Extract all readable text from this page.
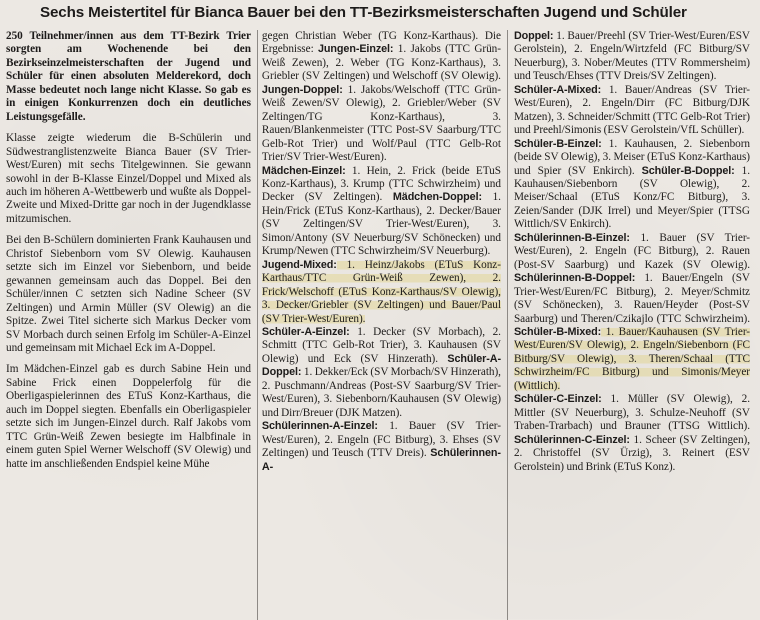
Sechs Meistertitel für Bianca Bauer bei den TT-Bezirksmeisterschaften Jugend und Schüler

250 Teilnehmer/innen aus dem TT-Bezirk Trier sorgten am Wochenende bei den Bezirkseinzelmeisterschaften der Jugend und Schüler für einen absoluten Melderekord, doch Masse bedeutet noch lange nicht Klasse. So gab es in einigen Konkurrenzen doch ein deutliches Leistungsgefälle.

Klasse zeigte wiederum die B-Schülerin und Südwestranglistenzweite Bianca Bauer (SV Trier-West/Euren) mit sechs Titelgewinnen. Sie gewann sowohl in der B-Klasse Einzel/Doppel und Mixed als auch im höheren A-Wettbewerb und wußte als Doppel-Zweite und Mixed-Dritte gar noch in der Jugendklasse mitzumischen.

Bei den B-Schülern dominierten Frank Kauhausen und Christof Siebenborn vom SV Olewig. Kauhausen setzte sich im Einzel vor Siebenborn, und beide gewannen gemeinsam auch das Doppel. Bei den Schüler/innen C setzten sich Nadine Scheer (SV Zeltingen) und Armin Müller (SV Olewig) an die Spitze. Zwei Titel sicherte sich Markus Decker vom SV Morbach durch seinen Erfolg im Schüler-A-Einzel und gemeinsam mit Michael Eck im A-Doppel.

Im Mädchen-Einzel gab es durch Sabine Hein und Sabine Frick einen Doppelerfolg für die Oberligaspielerinnen des ETuS Konz-Karthaus, die auch im Doppel siegten. Ebenfalls ein Oberligaspieler setzte sich im Jungen-Einzel durch. Ralf Jakobs vom TTC Grün-Weiß Zewen besiegte im Halbfinale in einem guten Spiel Werner Welschoff (SV Olewig) und hatte im anschließenden Endspiel keine Mühe

gegen Christian Weber (TG Konz-Karthaus). Die Ergebnisse: Jungen-Einzel: 1. Jakobs (TTC Grün-Weiß Zewen), 2. Weber (TG Konz-Karthaus), 3. Griebler (SV Zeltingen) und Welschoff (SV Olewig). Jungen-Doppel: 1. Jakobs/Welschoff (TTC Grün-Weiß Zewen/SV Olewig), 2. Griebler/Weber (SV Zeltingen/TG Konz-Karthaus), 3. Rauen/Blankenmeister (TTC Post-SV Saarburg/TTC Gelb-Rot Trier) und Wolf/Paul (TTC Gelb-Rot Trier/SV Trier-West/Euren).

Mädchen-Einzel: 1. Hein, 2. Frick (beide ETuS Konz-Karthaus), 3. Krump (TTC Schwirzheim) und Decker (SV Zeltingen). Mädchen-Doppel: 1. Hein/Frick (ETuS Konz-Karthaus), 2. Decker/Bauer (SV Zeltingen/SV Trier-West/Euren), 3. Simon/Antony (SV Neuerburg/SV Schönecken) und Krump/Newen (TTC Schwirzheim/SV Neuerburg).

Jugend-Mixed: 1. Heinz/Jakobs (ETuS Konz-Karthaus/TTC Grün-Weiß Zewen), 2. Frick/Welschoff (ETuS Konz-Karthaus/SV Olewig), 3. Decker/Griebler (SV Zeltingen) und Bauer/Paul (SV Trier-West/Euren).

Schüler-A-Einzel: 1. Decker (SV Morbach), 2. Schmitt (TTC Gelb-Rot Trier), 3. Kauhausen (SV Olewig) und Eck (SV Hinzerath). Schüler-A-Doppel: 1. Dekker/Eck (SV Morbach/SV Hinzerath), 2. Puschmann/Andreas (Post-SV Saarburg/SV Trier-West/Euren), 3. Siebenborn/Kauhausen (SV Olewig) und Dirr/Breuer (DJK Matzen).

Schülerinnen-A-Einzel: 1. Bauer (SV Trier-West/Euren), 2. Engeln (FC Bitburg), 3. Ehses (SV Zeltingen) und Teusch (TTV Dreis). Schülerinnen-A-

Doppel: 1. Bauer/Preehl (SV Trier-West/Euren/ESV Gerolstein), 2. Engeln/Wirtzfeld (FC Bitburg/SV Neuerburg), 3. Nober/Meutes (TTV Rommersheim) und Teusch/Ehses (TTV Dreis/SV Zeltingen).

Schüler-A-Mixed: 1. Bauer/Andreas (SV Trier-West/Euren), 2. Engeln/Dirr (FC Bitburg/DJK Matzen), 3. Schneider/Schmitt (TTC Gelb-Rot Trier) und Preehl/Simonis (ESV Gerolstein/VfL Schüller).

Schüler-B-Einzel: 1. Kauhausen, 2. Siebenborn (beide SV Olewig), 3. Meiser (ETuS Konz-Karthaus) und Spier (SV Enkirch). Schüler-B-Doppel: 1. Kauhausen/Siebenborn (SV Olewig), 2. Meiser/Schaal (ETuS Konz/FC Bitburg), 3. Zeien/Sander (DJK Irrel) und Meyer/Spier (TTSG Wittlich/SV Enkirch).

Schülerinnen-B-Einzel: 1. Bauer (SV Trier-West/Euren), 2. Engeln (FC Bitburg), 2. Rauen (Post-SV Saarburg) und Kazek (SV Olewig). Schülerinnen-B-Doppel: 1. Bauer/Engeln (SV Trier-West/Euren/FC Bitburg), 2. Meyer/Schmitz (SV Schönecken), 3. Rauen/Heyder (Post-SV Saarburg) und Theren/Czikajlo (TTC Schwirzheim). Schüler-B-Mixed: 1. Bauer/Kauhausen (SV Trier-West/Euren/SV Olewig), 2. Engeln/Siebenborn (FC Bitburg/SV Olewig), 3. Theren/Schaal (TTC Schwirzheim/FC Bitburg) und Simonis/Meyer (Wittlich).

Schüler-C-Einzel: 1. Müller (SV Olewig), 2. Mittler (SV Neuerburg), 3. Schulze-Neuhoff (SV Traben-Trarbach) und Brauner (TTSG Wittlich). Schülerinnen-C-Einzel: 1. Scheer (SV Zeltingen), 2. Christoffel (SV Ürzig), 3. Reinert (ESV Gerolstein) und Brink (ETuS Konz).
